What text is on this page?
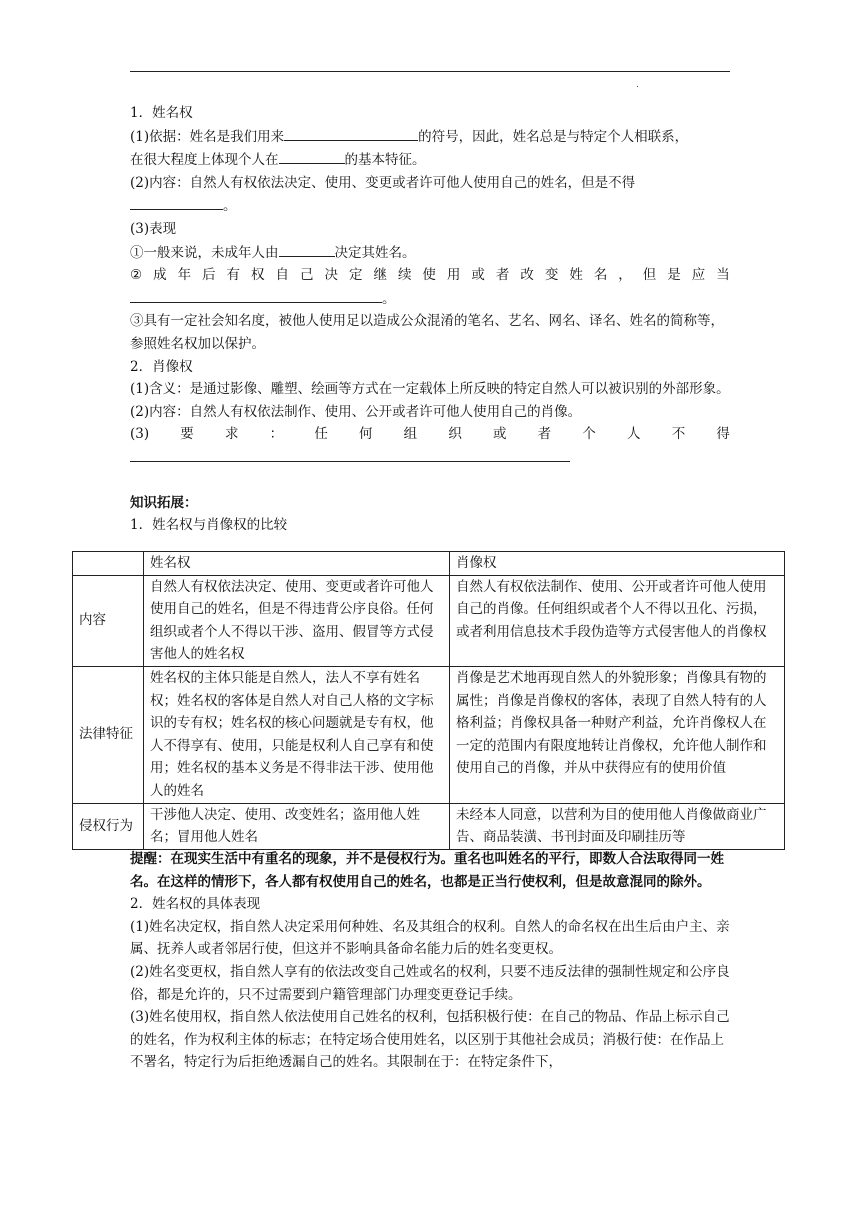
.

1．姓名权

(1)依据：姓名是我们用来	的符号，因此，姓名总是与特定个人相联系，
在很大程度上体现个人在	的基本特征。

(2)内容：自然人有权依法决定、使用、变更或者许可他人使用自己的姓名，但是不得
。

(3)表现

①一般来说，未成年人由	决定其姓名。

② 成 年 后 有 权 自 己 决 定 继 续 使 用 或 者 改 变 姓 名 ， 但 是 应 当

。

③具有一定社会知名度，被他人使用足以造成公众混淆的笔名、艺名、网名、译名、姓名的简称等，参照姓名权加以保护。

2．肖像权

(1)含义：是通过影像、雕塑、绘画等方式在一定载体上所反映的特定自然人可以被识别的外部形象。

(2)内容：自然人有权依法制作、使用、公开或者许可他人使用自己的肖像。

(3) 要 求 ： 任 何 组 织 或 者 个 人 不 得

知识拓展：

1．姓名权与肖像权的比较

	姓名权	肖像权
内容	自然人有权依法决定、使用、变更或者许可他人使用自己的姓名，但是不得违背公序良俗。任何组织或者个人不得以干涉、盗用、假冒等方式侵害他人的姓名权	自然人有权依法制作、使用、公开或者许可他人使用自己的肖像。任何组织或者个人不得以丑化、污损，或者利用信息技术手段伪造等方式侵害他人的肖像权
法律特征	姓名权的主体只能是自然人，法人不享有姓名权；姓名权的客体是自然人对自己人格的文字标识的专有权；姓名权的核心问题就是专有权，他人不得享有、使用，只能是权利人自己享有和使用；姓名权的基本义务是不得非法干涉、使用他人的姓名	肖像是艺术地再现自然人的外貌形象；肖像具有物的属性；肖像是肖像权的客体，表现了自然人特有的人格利益；肖像权具备一种财产利益，允许肖像权人在一定的范围内有限度地转让肖像权，允许他人制作和使用自己的肖像，并从中获得应有的使用价值
侵权行为	干涉他人决定、使用、改变姓名；盗用他人姓名；冒用他人姓名	未经本人同意，以营利为目的使用他人肖像做商业广告、商品装潢、书刊封面及印刷挂历等

提醒：在现实生活中有重名的现象，并不是侵权行为。重名也叫姓名的平行，即数人合法取得同一姓名。在这样的情形下，各人都有权使用自己的姓名，也都是正当行使权利，但是故意混同的除外。

2．姓名权的具体表现

(1)姓名决定权，指自然人决定采用何种姓、名及其组合的权利。自然人的命名权在出生后由户主、亲属、抚养人或者邻居行使，但这并不影响具备命名能力后的姓名变更权。

(2)姓名变更权，指自然人享有的依法改变自己姓或名的权利，只要不违反法律的强制性规定和公序良俗，都是允许的，只不过需要到户籍管理部门办理变更登记手续。

(3)姓名使用权，指自然人依法使用自己姓名的权利，包括积极行使：在自己的物品、作品上标示自己的姓名，作为权利主体的标志；在特定场合使用姓名，以区别于其他社会成员；消极行使：在作品上不署名，特定行为后拒绝透漏自己的姓名。其限制在于：在特定条件下，
